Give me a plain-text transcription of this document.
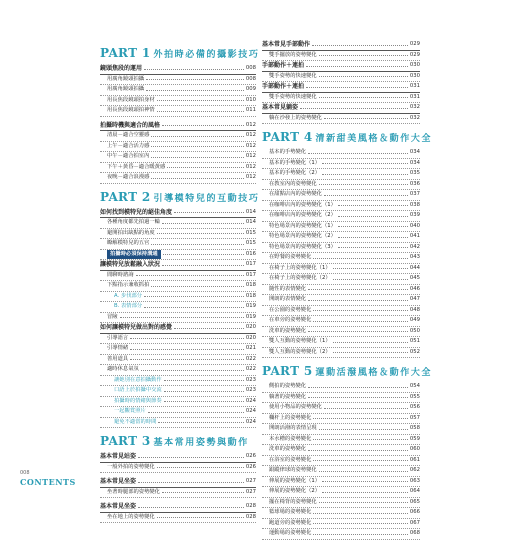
PART 1 外拍時必備的攝影技巧
鏡頭焦段的運用	008
用廣角鏡頭拍攝	008
用廣角鏡頭拍攝	009
用長焦段鏡頭拍身材	010
用長焦段鏡頭拍神情	011
拍攝時機與適合的風格	012
清晨－適合空靈感	012
上午－適合活力感	012
中午－適合拍室內	012
下午＋黃昏－適合暖黃感	012
夜晚－適合浪漫感	012
PART 2 引導模特兒的互動技巧
如何找到模特兒的絕佳角度	014
各種角度都先拍過一輪	014
避開拍出缺點的角度	015
瞭解模特兒的五官	015
拍攝時必須保持溝通	016
讓模特兒放鬆融入狀況	017
閒聊時諮詢	017
下點指示兼收抓拍	018
A. 步伐部分	018
B. 表情部分	019
冒險	019
如何讓模特兒做出對的感覺	020
引導語言	020
引導情緒	021
善用道具	022
適時休息氣氛	022
讓她別在意拍攝動作	023
口語上於拍攝中交流	023
拍攝時的情緒與節奏	024
一起觀賞照片	024
避免不適當的時間	024
PART 3 基本常用姿勢與動作
基本常見站姿	026
一般外拍的姿勢變化	026
基本常見坐姿	027
坐著時腿部的姿勢變化	027
基本常見坐姿	028
坐在地上的姿勢變化	028
基本常見手部動作	029
雙手擺放的姿勢變化	029
手部動作＋連拍	030
雙手姿勢的快速變化	030
手部動作＋連拍	031
雙手姿勢的快速變化	031
基本常見躺姿	032
躺在沙發上的姿勢變化	032
PART 4 清新甜美風格＆動作大全
基本的手勢變化	034
基本的手勢變化（1）	034
基本的手勢變化（2）	035
在教室內的姿勢變化	036
在甜點店內的姿勢變化	037
在咖啡店內的姿勢變化（1）	038
在咖啡店內的姿勢變化（2）	039
特色場景內的姿勢變化（1）	040
特色場景內的姿勢變化（2）	041
特色場景內的姿勢變化（3）	042
在野餐的姿勢變化	043
在椅子上的姿勢變化（1）	044
在椅子上的姿勢變化（2）	045
隨性的表情變化	046
開朗的表情變化	047
在公園的姿勢變化	048
在車旁的姿勢變化	049
洗車的姿勢變化	050
雙人互動的姿勢變化（1）	051
雙人互動的姿勢變化（2）	052
PART 5 運動活潑風格＆動作大全
側拍的姿勢變化	054
躺著的姿勢變化	055
使用小物品的姿勢變化	056
欄杆上的姿勢變化	057
開朗活潑的表情呈現	058
本水槽的姿勢變化	059
洗車的姿勢變化	060
在浴室的姿勢變化	061
跟蹤律球的姿勢變化	062
伸展的姿勢變化（1）	063
伸展的姿勢變化（2）	064
擺在椅背的姿勢變化	065
籃球場的姿勢變化	066
跑道旁的姿勢變化	067
運動場的姿勢變化	068
008
CONTENTS
